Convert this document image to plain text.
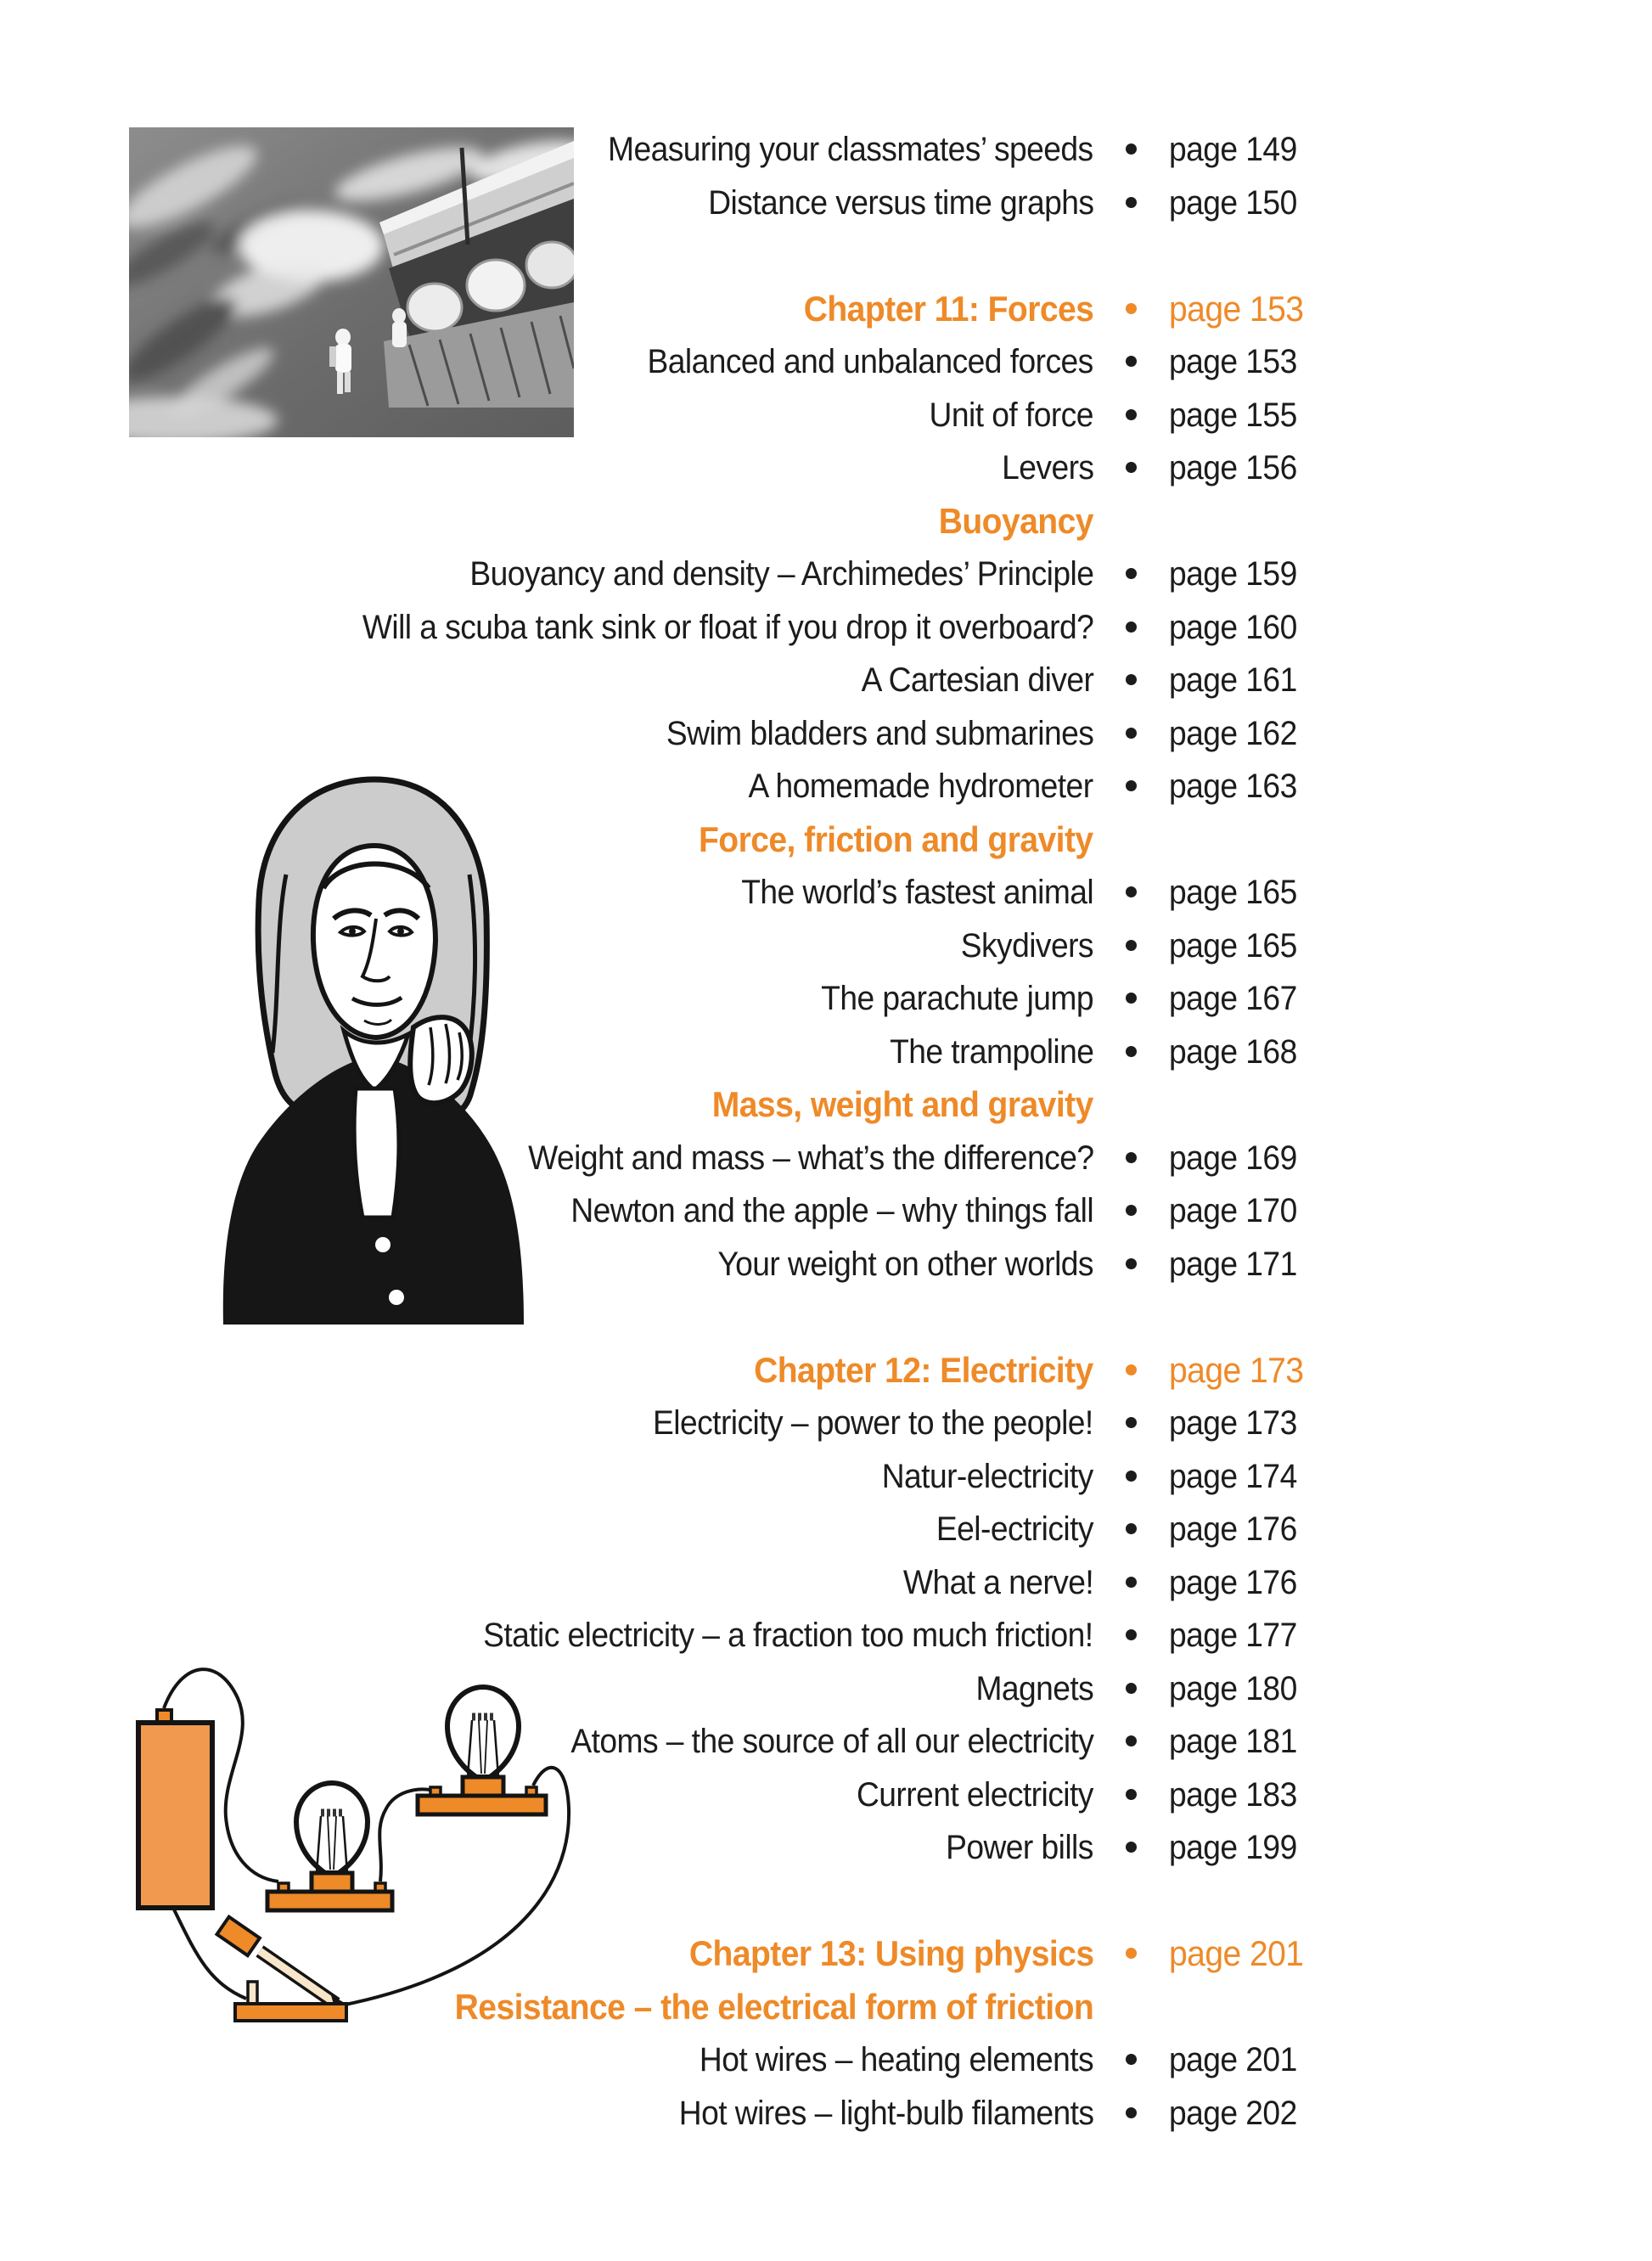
Measuring your classmates’ speeds page 149
Distance versus time graphs page 150
Chapter 11: Forces page 153
Balanced and unbalanced forces page 153
Unit of force page 155
Levers page 156
Buoyancy
Buoyancy and density – Archimedes’ Principle page 159
Will a scuba tank sink or float if you drop it overboard? page 160
A Cartesian diver page 161
Swim bladders and submarines page 162
A homemade hydrometer page 163
Force, friction and gravity
The world’s fastest animal page 165
Skydivers page 165
The parachute jump page 167
The trampoline page 168
Mass, weight and gravity
Weight and mass – what’s the difference? page 169
Newton and the apple – why things fall page 170
Your weight on other worlds page 171
Chapter 12: Electricity page 173
Electricity – power to the people! page 173
Natur-electricity page 174
Eel-ectricity page 176
What a nerve! page 176
Static electricity – a fraction too much friction! page 177
Magnets page 180
Atoms – the source of all our electricity page 181
Current electricity page 183
Power bills page 199
Chapter 13: Using physics page 201
Resistance – the electrical form of friction
Hot wires – heating elements page 201
Hot wires – light-bulb filaments page 202
